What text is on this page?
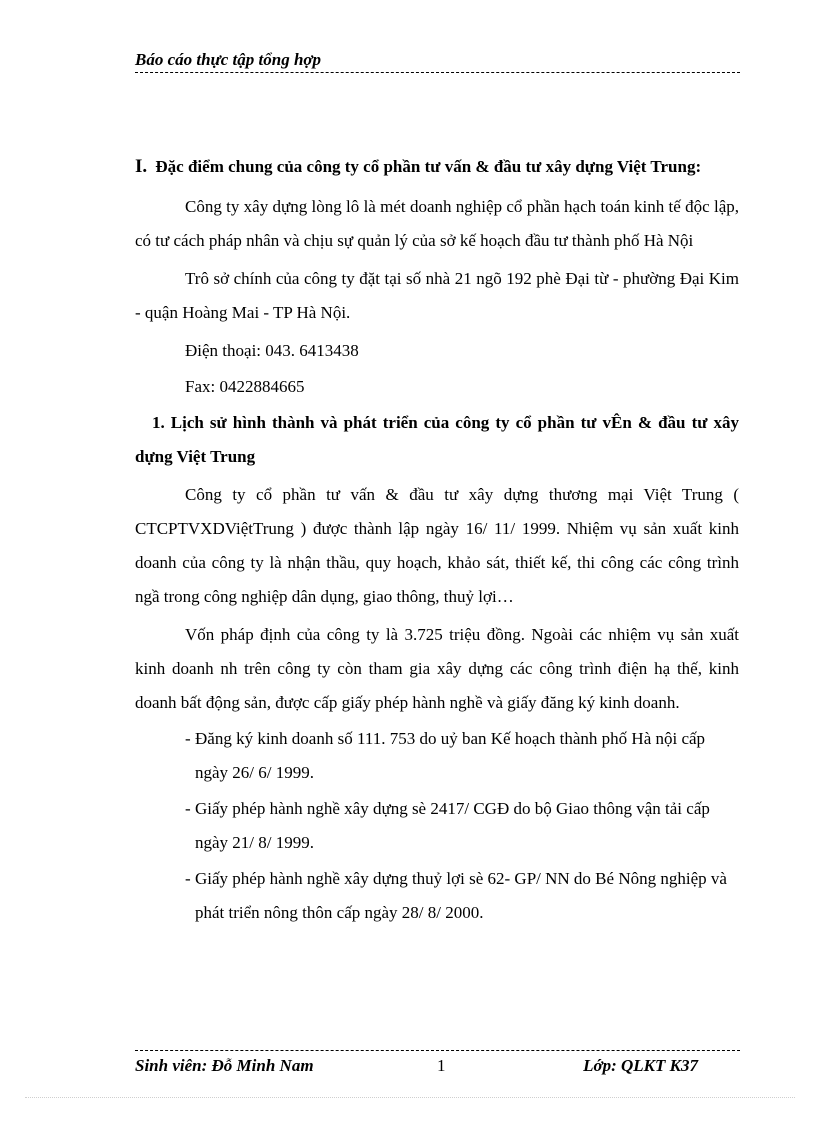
Báo cáo thực tập tổng hợp

I. Đặc điểm chung của công ty cổ phần tư vấn & đầu tư xây dựng Việt Trung:

Công ty xây dựng lòng lô là mét doanh nghiệp cổ phần hạch toán kinh tế độc lập, có tư cách pháp nhân và chịu sự quản lý của sở kế hoạch đầu tư thành phố Hà Nội

Trô sở chính của công ty đặt tại số nhà 21 ngõ 192 phè Đại từ - phường Đại Kim - quận Hoàng Mai - TP Hà Nội.

Điện thoại: 043. 6413438

Fax: 0422884665

1. Lịch sử hình thành và phát triển của công ty cổ phần tư vÊn & đầu tư xây dựng Việt Trung

Công ty cổ phần tư vấn & đầu tư xây dựng thương mại Việt Trung ( CTCPTVXDViệtTrung ) được thành lập ngày 16/ 11/ 1999. Nhiệm vụ sản xuất kinh doanh của công ty là nhận thầu, quy hoạch, khảo sát, thiết kế, thi công các công trình ngầ trong công nghiệp dân dụng, giao thông, thuỷ lợi…

Vốn pháp định của công ty là 3.725 triệu đồng. Ngoài các nhiệm vụ sản xuất kinh doanh nh trên công ty còn tham gia xây dựng các công trình điện hạ thế, kinh doanh bất động sản, được cấp giấy phép hành nghề và giấy đăng ký kinh doanh.

- Đăng ký kinh doanh số 111. 753 do uỷ ban Kế hoạch thành phố Hà nội cấp ngày 26/ 6/ 1999.
- Giấy phép hành nghề xây dựng sè 2417/ CGĐ do bộ Giao thông vận tải cấp ngày 21/ 8/ 1999.
- Giấy phép hành nghề xây dựng thuỷ lợi sè 62- GP/ NN do Bé Nông nghiệp và phát triển nông thôn cấp ngày 28/ 8/ 2000.
Sinh viên: Đỗ Minh Nam	1	Lớp: QLKT K37
